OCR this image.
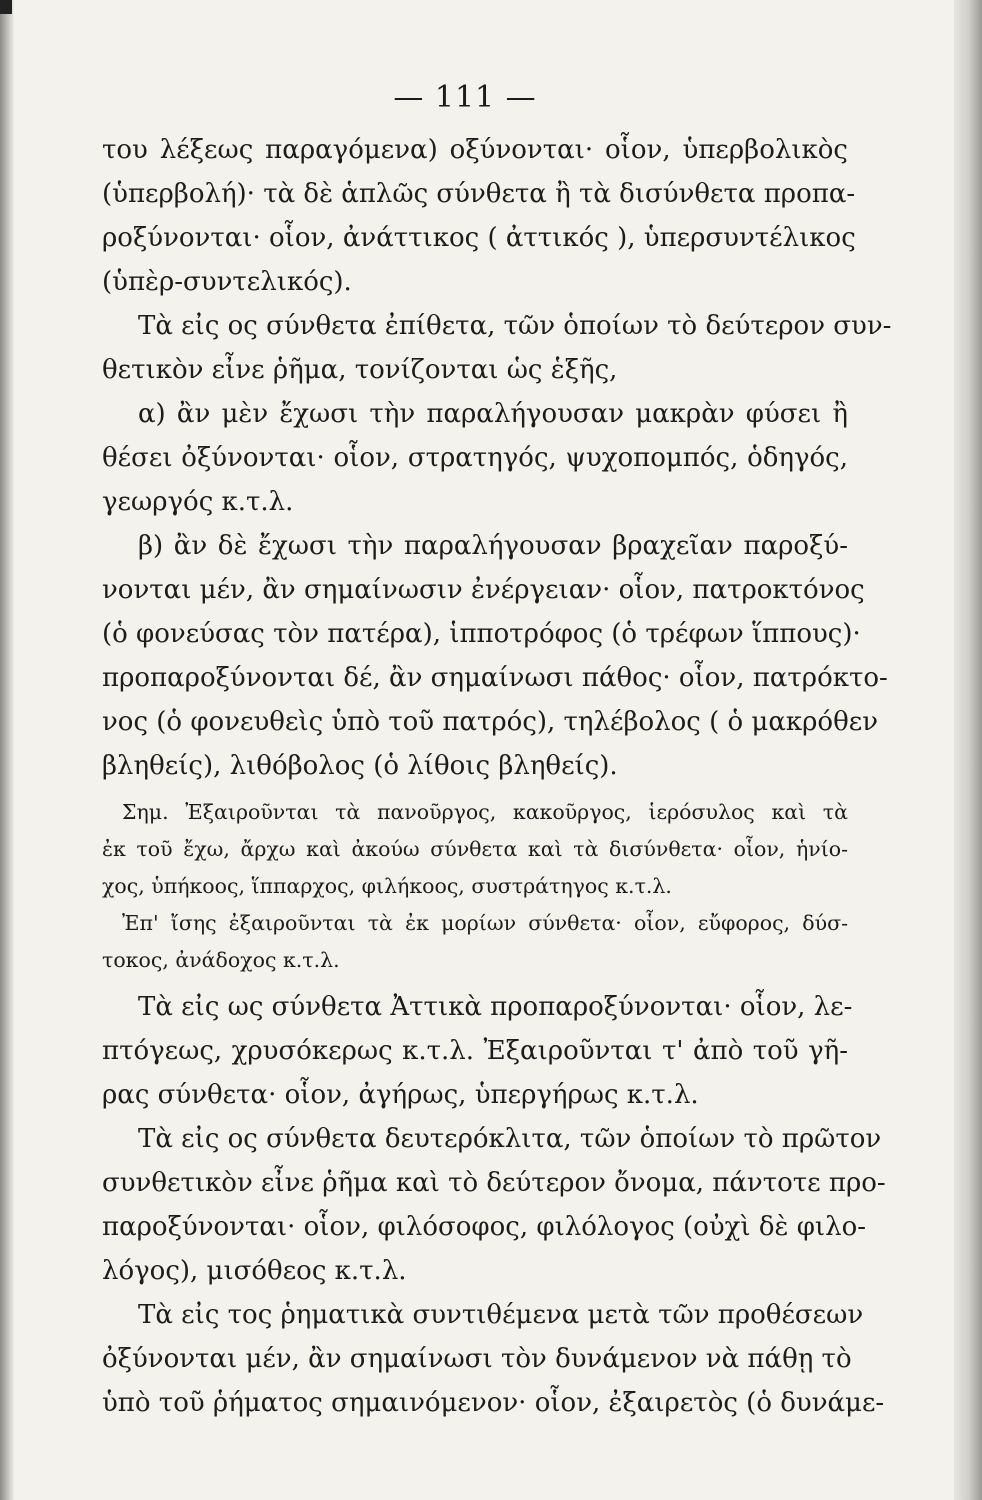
— 111 —
του λέξεως παραγόμενα) οξύνονται· οἷον, ὑπερβολικὸς
(ὑπερβολή)· τὰ δὲ ἁπλῶς σύνθετα ἢ τὰ δισύνθετα προπα-
ροξύνονται· οἷον, ἀνάττικος ( ἀττικός ), ὑπερσυντέλικος
(ὑπὲρ-συντελικός).
Τὰ εἰς ος σύνθετα ἐπίθετα, τῶν ὁποίων τὸ δεύτερον συν-
θετικὸν εἶνε ῥῆμα, τονίζονται ὡς ἑξῆς,
α) ἂν μὲν ἔχωσι τὴν παραλήγουσαν μακρὰν φύσει ἢ
θέσει ὀξύνονται· οἷον, στρατηγός, ψυχοπομπός, ὁδηγός,
γεωργός κ.τ.λ.
β) ἂν δὲ ἔχωσι τὴν παραλήγουσαν βραχεῖαν παροξύ-
νονται μέν, ἂν σημαίνωσιν ἐνέργειαν· οἷον, πατροκτόνος
(ὁ φονεύσας τὸν πατέρα), ἱπποτρόφος (ὁ τρέφων ἵππους)·
προπαροξύνονται δέ, ἂν σημαίνωσι πάθος· οἷον, πατρόκτο-
νος (ὁ φονευθεὶς ὑπὸ τοῦ πατρός), τηλέβολος ( ὁ μακρόθεν
βληθείς), λιθόβολος (ὁ λίθοις βληθείς).
Σημ. Ἐξαιροῦνται τὰ πανοῦργος, κακοῦργος, ἱερόσυλος καὶ τὰ
ἐκ τοῦ ἔχω, ἄρχω καὶ ἀκούω σύνθετα καὶ τὰ δισύνθετα· οἷον, ἡνίο-
χος, ὑπήκοος, ἵππαρχος, φιλήκοος, συστράτηγος κ.τ.λ.
Ἐπ' ἴσης ἐξαιροῦνται τὰ ἐκ μορίων σύνθετα· οἷον, εὔφορος, δύσ-
τοκος, ἀνάδοχος κ.τ.λ.
Τὰ εἰς ως σύνθετα Ἀττικὰ προπαροξύνονται· οἷον, λε-
πτόγεως, χρυσόκερως κ.τ.λ. Ἐξαιροῦνται τ' ἀπὸ τοῦ γῆ-
ρας σύνθετα· οἷον, ἀγήρως, ὑπεργήρως κ.τ.λ.
Τὰ εἰς ος σύνθετα δευτερόκλιτα, τῶν ὁποίων τὸ πρῶτον
συνθετικὸν εἶνε ῥῆμα καὶ τὸ δεύτερον ὄνομα, πάντοτε προ-
παροξύνονται· οἷον, φιλόσοφος, φιλόλογος (οὐχὶ δὲ φιλο-
λόγος), μισόθεος κ.τ.λ.
Τὰ εἰς τος ῥηματικὰ συντιθέμενα μετὰ τῶν προθέσεων
ὀξύνονται μέν, ἂν σημαίνωσι τὸν δυνάμενον νὰ πάθῃ τὸ
ὑπὸ τοῦ ῥήματος σημαινόμενον· οἷον, ἐξαιρετὸς (ὁ δυνάμε-
